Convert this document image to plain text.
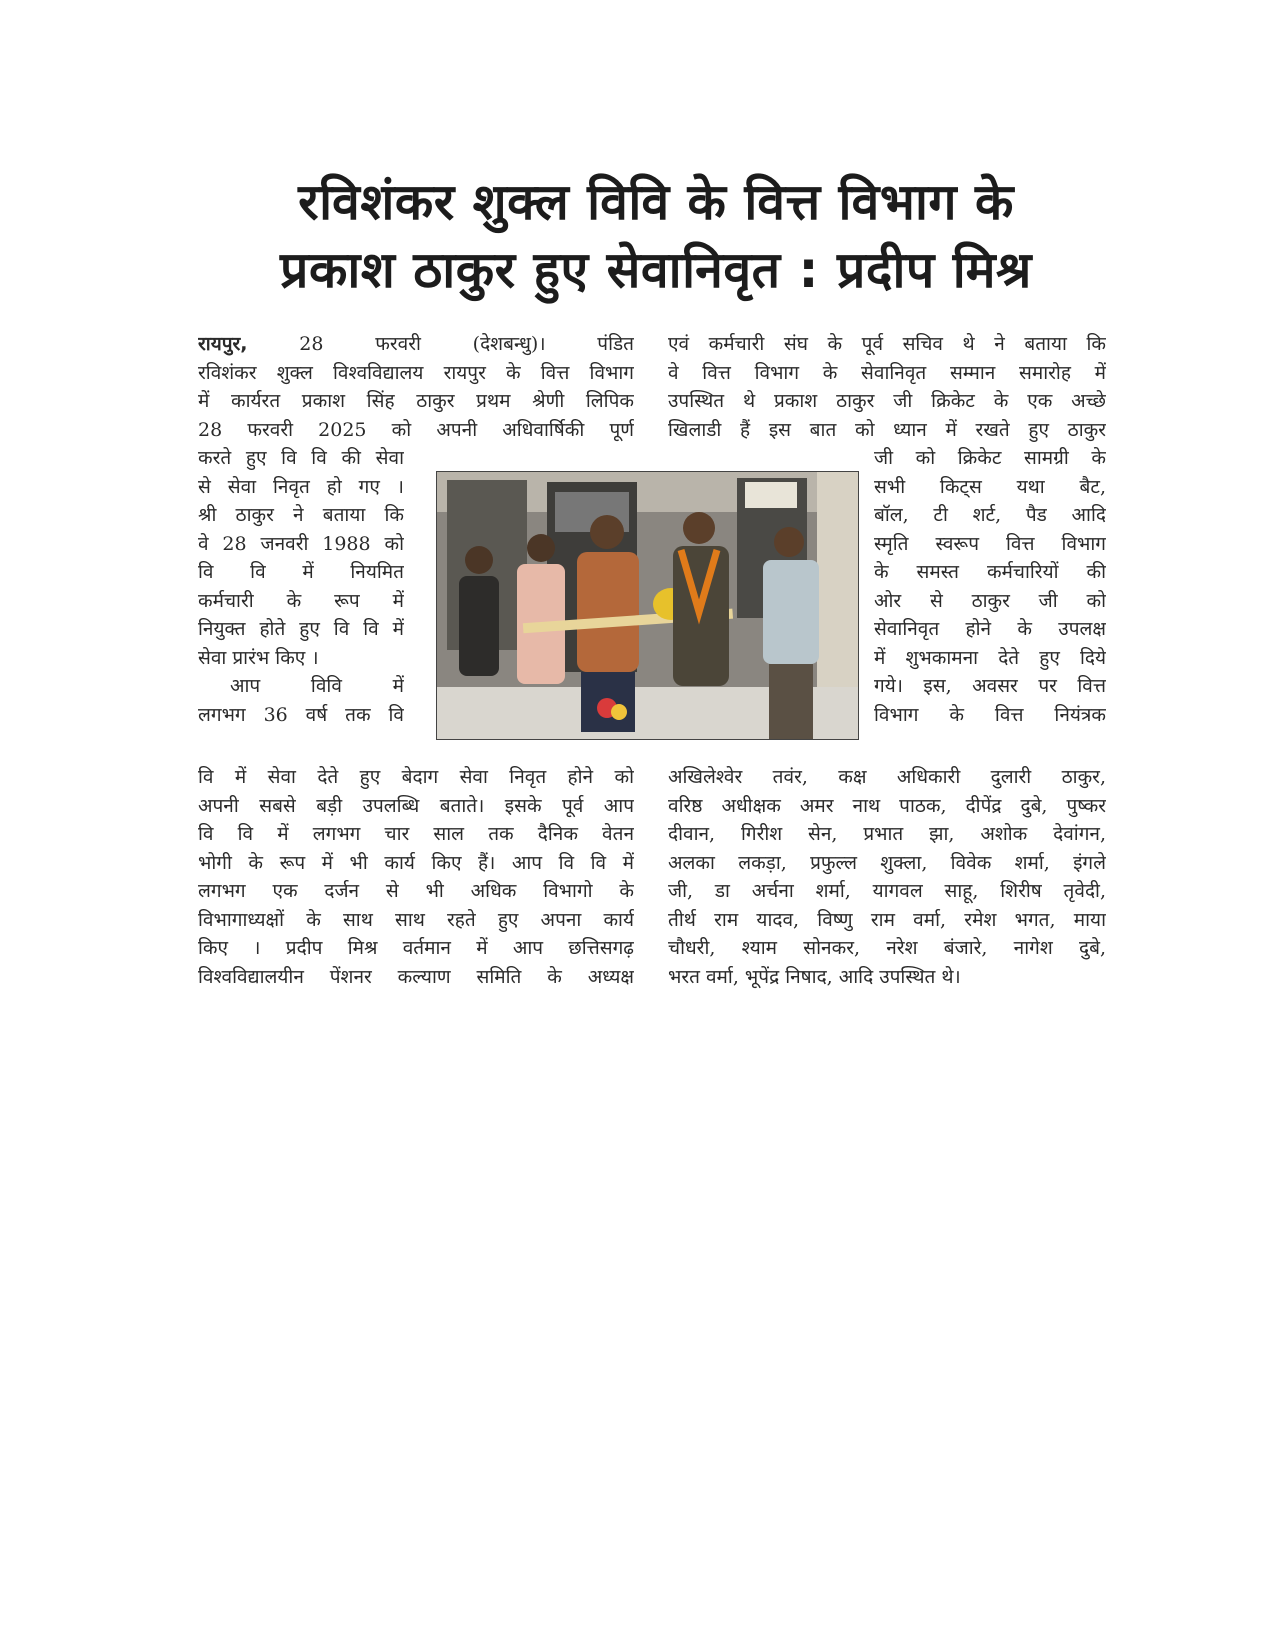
रविशंकर शुक्ल विवि के वित्त विभाग के
प्रकाश ठाकुर हुए सेवानिवृत : प्रदीप मिश्र
रायपुर,	28 फरवरी (देशबन्धु)। पंडित
रविशंकर शुक्ल विश्वविद्यालय रायपुर के वित्त विभाग
में कार्यरत प्रकाश सिंह ठाकुर प्रथम श्रेणी लिपिक
28 फरवरी 2025 को अपनी अधिवार्षिकी पूर्ण
करते हुए वि वि की सेवा
से सेवा निवृत हो गए ।
श्री ठाकुर ने बताया कि
वे 28 जनवरी 1988 को
वि वि में नियमित
कर्मचारी के रूप में
नियुक्त होते हुए वि वि में
सेवा प्रारंभ किए ।
आप विवि में
लगभग 36 वर्ष तक वि
वि में सेवा देते हुए बेदाग सेवा निवृत होने को
अपनी सबसे बड़ी उपलब्धि बताते। इसके पूर्व आप
वि वि में लगभग चार साल तक दैनिक वेतन
भोगी के रूप में भी कार्य किए हैं। आप वि वि में
लगभग एक दर्जन से भी अधिक विभागो के
विभागाध्यक्षों के साथ साथ रहते हुए अपना कार्य
किए । प्रदीप मिश्र वर्तमान में आप छत्तिसगढ़
विश्वविद्यालयीन पेंशनर कल्याण समिति के अध्यक्ष
एवं कर्मचारी संघ के पूर्व सचिव थे ने बताया कि
वे वित्त विभाग के सेवानिवृत सम्मान समारोह में
उपस्थित थे प्रकाश ठाकुर जी क्रिकेट के एक अच्छे
खिलाडी हैं इस बात को ध्यान में रखते हुए ठाकुर
जी को क्रिकेट सामग्री के
सभी किट्स यथा बैट,
बॉल, टी शर्ट, पैड आदि
स्मृति स्वरूप वित्त विभाग
के समस्त कर्मचारियों की
ओर से ठाकुर जी को
सेवानिवृत होने के उपलक्ष
में शुभकामना देते हुए दिये
गये। इस, अवसर पर वित्त
विभाग के वित्त नियंत्रक
अखिलेश्वेर तवंर, कक्ष अधिकारी दुलारी ठाकुर,
वरिष्ठ अधीक्षक अमर नाथ पाठक, दीपेंद्र दुबे, पुष्कर
दीवान, गिरीश सेन, प्रभात झा, अशोक देवांगन,
अलका लकड़ा, प्रफुल्ल शुक्ला, विवेक शर्मा, इंगले
जी, डा अर्चना शर्मा, यागवल साहू, शिरीष तृवेदी,
तीर्थ राम यादव, विष्णु राम वर्मा, रमेश भगत, माया
चौधरी, श्याम सोनकर, नरेश बंजारे, नागेश दुबे,
भरत वर्मा, भूपेंद्र निषाद, आदि उपस्थित थे।
